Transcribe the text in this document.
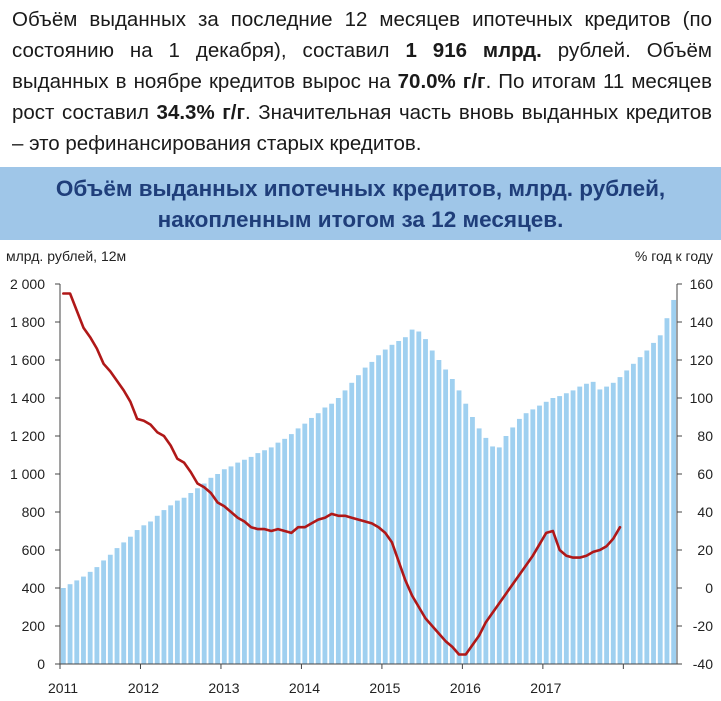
Объём выданных за последние 12 месяцев ипотечных кредитов (по состоянию на 1 декабря), составил 1 916 млрд. рублей. Объём выданных в ноябре кредитов вырос на 70.0% г/г. По итогам 11 месяцев рост составил 34.3% г/г. Значительная часть вновь выданных кредитов – это рефинансирования старых кредитов.
Объём выданных ипотечных кредитов, млрд. рублей,
накопленным итогом за 12 месяцев.
млрд. рублей, 12м	% год к году
0
200
400
600
800
1 000
1 200
1 400
1 600
1 800
2 000
-40
-20
0
20
40
60
80
100
120
140
160
2011	2012	2013	2014	2015	2016	2017
